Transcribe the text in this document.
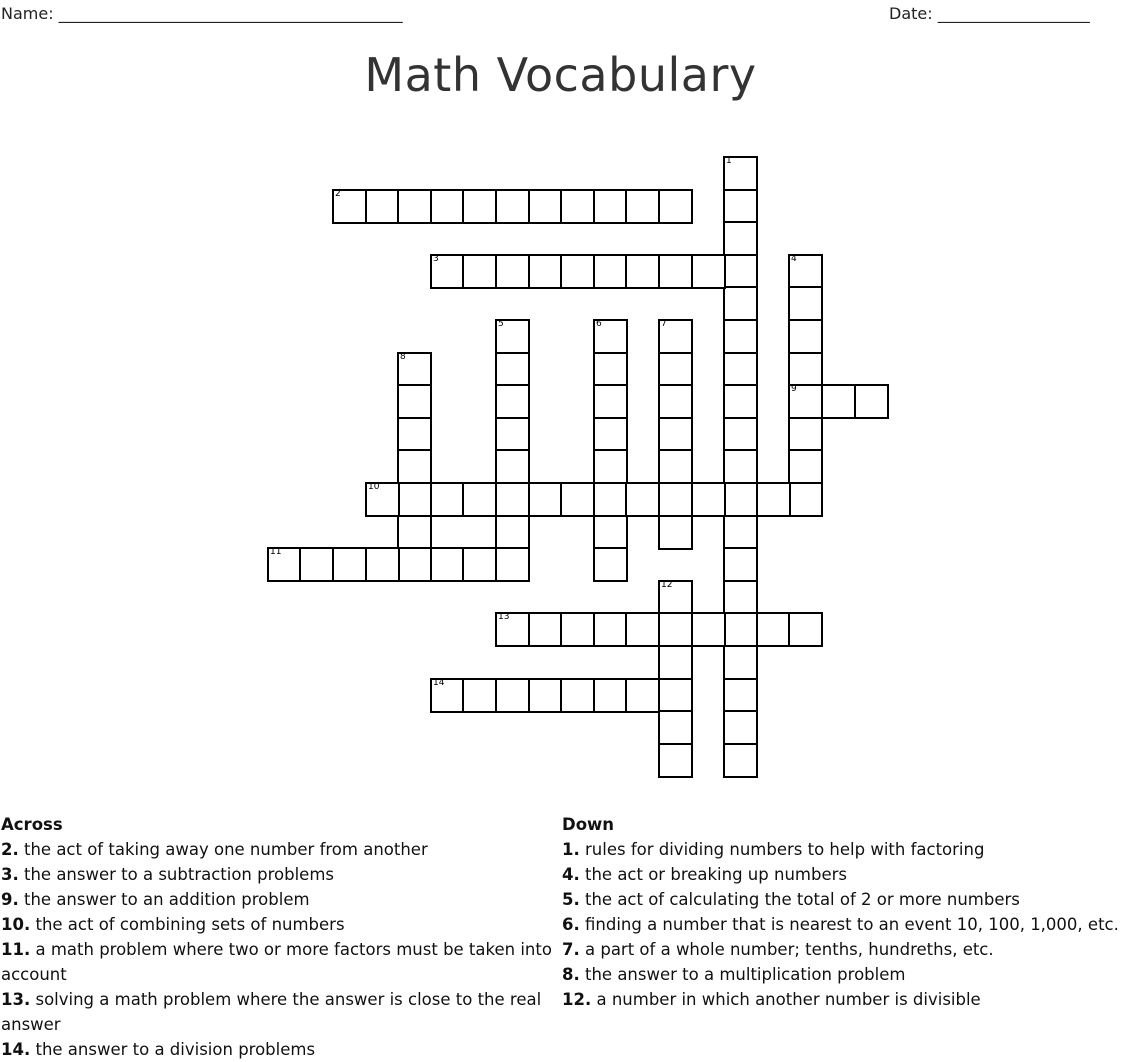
Name: ___________________________________________	Date: ___________________
Math Vocabulary
1
2
3	4
9
5	6	7
8
10
11
12
13
14
Across
2. the act of taking away one number from another
3. the answer to a subtraction problems
9. the answer to an addition problem
10. the act of combining sets of numbers
11. a math problem where two or more factors must be taken into account
13. solving a math problem where the answer is close to the real answer
14. the answer to a division problems
Down
1. rules for dividing numbers to help with factoring
4. the act or breaking up numbers
5. the act of calculating the total of 2 or more numbers
6. finding a number that is nearest to an event 10, 100, 1,000, etc.
7. a part of a whole number; tenths, hundreths, etc.
8. the answer to a multiplication problem
12. a number in which another number is divisible
